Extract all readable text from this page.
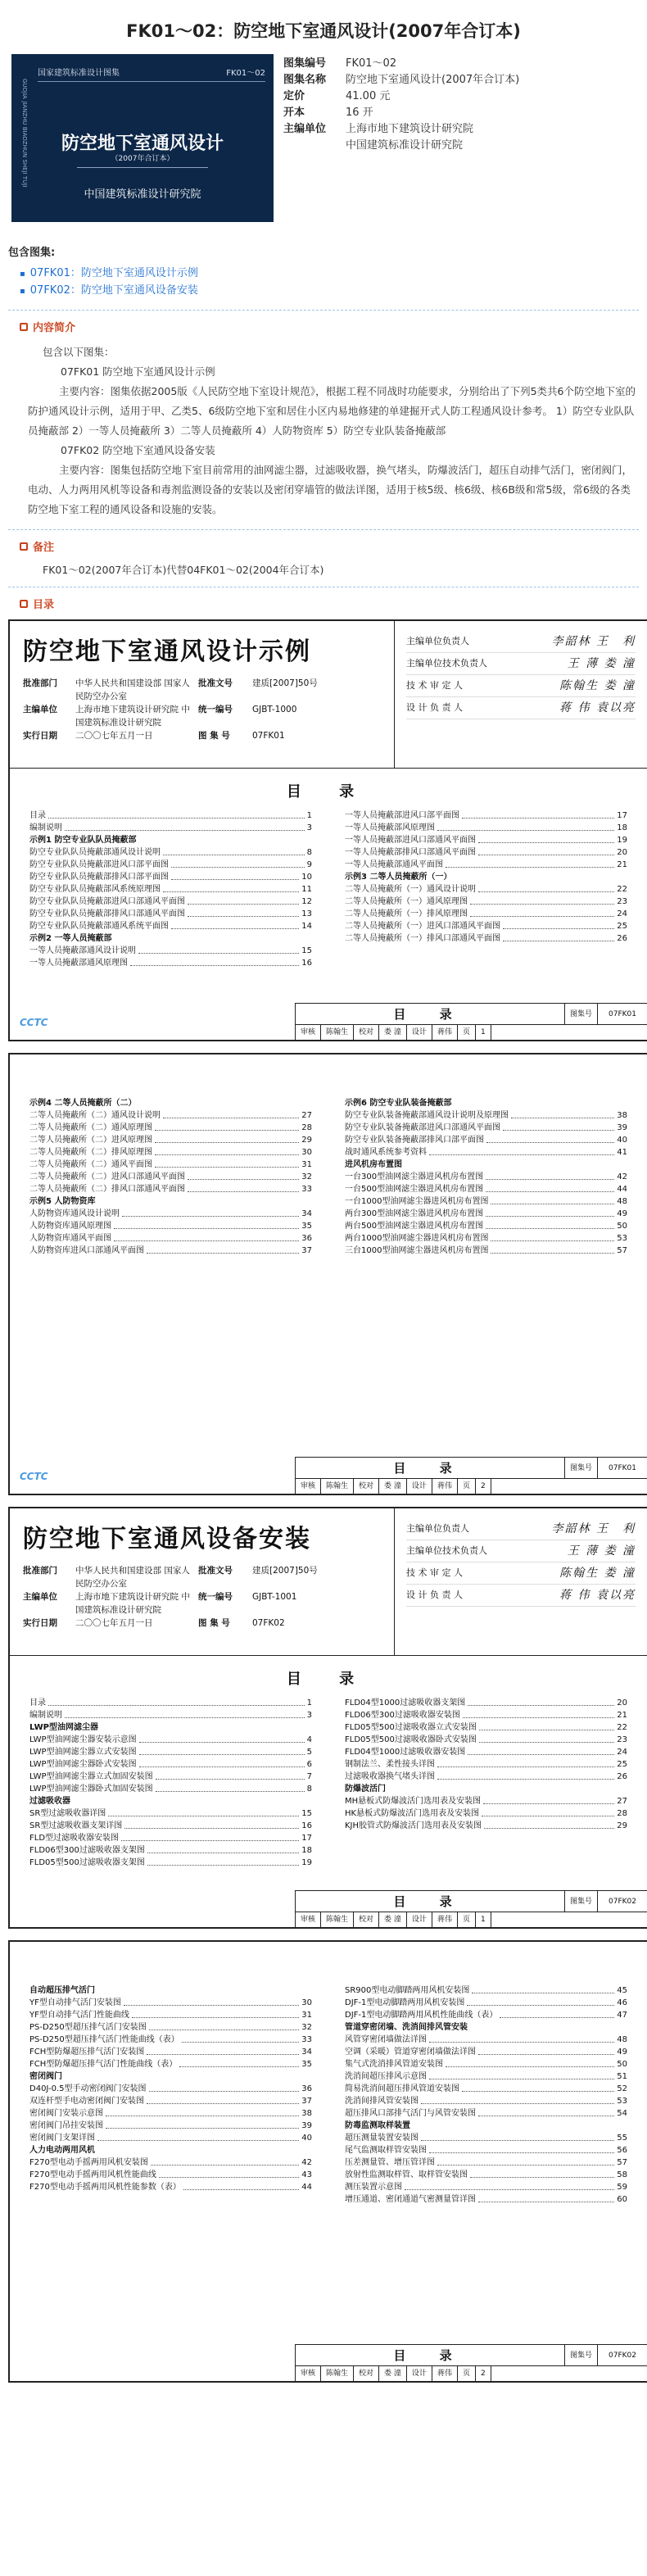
FK01～02：防空地下室通风设计(2007年合订本)
国家建筑标准设计图集	FK01～02
GUOJIA JIANZHU BIAOZHUN SHEJI TUJI	防空地下室通风设计
（2007年合订本）
中国建筑标准设计研究院
图集编号	FK01～02
图集名称	防空地下室通风设计(2007年合订本)
定价	41.00 元
开本	16 开
主编单位	上海市地下建筑设计研究院
中国建筑标准设计研究院
包含图集:
▪ 07FK01：防空地下室通风设计示例
▪ 07FK02：防空地下室通风设备安装
内容简介

包含以下图集：

07FK01 防空地下室通风设计示例

主要内容：图集依据2005版《人民防空地下室设计规范》，根据工程不同战时功能要求，分别给出了下列5类共6个防空地下室的防护通风设计示例，适用于甲、乙类5、6级防空地下室和居住小区内易地修建的单建掘开式人防工程通风设计参考。 1）防空专业队队员掩蔽部 2）一等人员掩蔽所 3）二等人员掩蔽所 4）人防物资库 5）防空专业队装备掩蔽部

07FK02 防空地下室通风设备安装

主要内容：图集包括防空地下室目前常用的油网滤尘器，过滤吸收器，换气堵头，防爆波活门，超压自动排气活门，密闭阀门，电动、人力两用风机等设备和毒剂监测设备的安装以及密闭穿墙管的做法详图，适用于核5级、核6级、核6B级和常5级，常6级的各类防空地下室工程的通风设备和设施的安装。

备注
FK01～02(2007年合订本)代替04FK01～02(2004年合订本)
目录
防空地下室通风设计示例
批准部门	中华人民共和国建设部 国家人民防空办公室
批准文号	建质[2007]50号
主编单位	上海市地下建筑设计研究院 中国建筑标准设计研究院
统一编号	GJBT-1000
实行日期	二〇〇七年五月一日	图 集 号	07FK01
主编单位负责人	李韶林 王　利
主编单位技术负责人	王 薄 娄 潼
技 术 审 定 人	陈翰生 娄 潼
设 计 负 责 人	蒋 伟 袁以亮
目 录
目录	1
编制说明	3
示例1 防空专业队队员掩蔽部
防空专业队队员掩蔽部通风设计说明	8
防空专业队队员掩蔽部进风口部平面图	9
防空专业队队员掩蔽部排风口部平面图	10
防空专业队队员掩蔽部风系统原理图	11
防空专业队队员掩蔽部进风口部通风平面图	12
防空专业队队员掩蔽部排风口部通风平面图	13
防空专业队队员掩蔽部通风系统平面图	14
示例2 一等人员掩蔽部
一等人员掩蔽部通风设计说明	15
一等人员掩蔽部通风原理图	16
一等人员掩蔽部进风口部平面图	17
一等人员掩蔽部风原理图	18
一等人员掩蔽部进风口部通风平面图	19
一等人员掩蔽部排风口部通风平面图	20
一等人员掩蔽部通风平面图	21
示例3 二等人员掩蔽所（一）
二等人员掩蔽所（一）通风设计说明	22
二等人员掩蔽所（一）通风原理图	23
二等人员掩蔽所（一）排风原理图	24
二等人员掩蔽所（一）进风口部通风平面图	25
二等人员掩蔽所（一）排风口部通风平面图	26
CCTC
目 录	图集号	07FK01
审核	陈翰生	校对	娄 潼	设计	蒋伟	页	1
示例4 二等人员掩蔽所（二）
二等人员掩蔽所（二）通风设计说明	27
二等人员掩蔽所（二）通风原理图	28
二等人员掩蔽所（二）进风原理图	29
二等人员掩蔽所（二）排风原理图	30
二等人员掩蔽所（二）通风平面图	31
二等人员掩蔽所（二）进风口部通风平面图	32
二等人员掩蔽所（二）排风口部通风平面图	33
示例5 人防物资库
人防物资库通风设计说明	34
人防物资库通风原理图	35
人防物资库通风平面图	36
人防物资库进风口部通风平面图	37
示例6 防空专业队装备掩蔽部
防空专业队装备掩蔽部通风设计说明及原理图	38
防空专业队装备掩蔽部进风口部通风平面图	39
防空专业队装备掩蔽部排风口部平面图	40
战时通风系统参考资料	41
进风机房布置图
一台300型油网滤尘器进风机房布置图	42
一台500型油网滤尘器进风机房布置图	44
一台1000型油网滤尘器进风机房布置图	48
两台300型油网滤尘器进风机房布置图	49
两台500型油网滤尘器进风机房布置图	50
两台1000型油网滤尘器进风机房布置图	53
三台1000型油网滤尘器进风机房布置图	57
CCTC
目 录	图集号	07FK01
审核	陈翰生	校对	娄 潼	设计	蒋伟	页	2
防空地下室通风设备安装
批准部门	中华人民共和国建设部 国家人民防空办公室
批准文号	建质[2007]50号
主编单位	上海市地下建筑设计研究院 中国建筑标准设计研究院
统一编号	GJBT-1001
实行日期	二〇〇七年五月一日	图 集 号	07FK02
主编单位负责人	李韶林 王　利
主编单位技术负责人	王 薄 娄 潼
技 术 审 定 人	陈翰生 娄 潼
设 计 负 责 人	蒋 伟 袁以亮
目 录
目录	1
编制说明	3
LWP型油网滤尘器
LWP型油网滤尘器安装示意图	4
LWP型油网滤尘器立式安装图	5
LWP型油网滤尘器卧式安装图	6
LWP型油网滤尘器立式加固安装图	7
LWP型油网滤尘器卧式加固安装图	8
过滤吸收器
SR型过滤吸收器详图	15
SR型过滤吸收器支架详图	16
FLD型过滤吸收器安装图	17
FLD06型300过滤吸收器支架图	18
FLD05型500过滤吸收器支架图	19
FLD04型1000过滤吸收器支架图	20
FLD06型300过滤吸收器安装图	21
FLD05型500过滤吸收器立式安装图	22
FLD05型500过滤吸收器卧式安装图	23
FLD04型1000过滤吸收器安装图	24
钢制法兰、柔性接头详图	25
过滤吸收器换气堵头详图	26
防爆波活门
MH悬板式防爆波活门选用表及安装图	27
HK悬板式防爆波活门选用表及安装图	28
KJH胶管式防爆波活门选用表及安装图	29
目 录	图集号	07FK02
审核	陈翰生	校对	娄 潼	设计	蒋伟	页	1
自动超压排气活门
YF型自动排气活门安装图	30
YF型自动排气活门性能曲线	31
PS-D250型超压排气活门安装图	32
PS-D250型超压排气活门性能曲线（表）	33
FCH型防爆超压排气活门安装图	34
FCH型防爆超压排气活门性能曲线（表）	35
密闭阀门
D40J-0.5型手动密闭阀门安装图	36
双连杆型手电动密闭阀门安装图	37
密闭阀门安装示意图	38
密闭阀门吊挂安装图	39
密闭阀门支架详图	40
人力电动两用风机
F270型电动手摇两用风机安装图	42
F270型电动手摇两用风机性能曲线	43
F270型电动手摇两用风机性能参数（表）	44
SR900型电动脚踏两用风机安装图	45
DJF-1型电动脚踏两用风机安装图	46
DJF-1型电动脚踏两用风机性能曲线（表）	47
管道穿密闭墙、洗消间排风管安装
风管穿密闭墙做法详图	48
空调（采暖）管道穿密闭墙做法详图	49
集气式洗消排风管道安装图	50
洗消间超压排风示意图	51
简易洗消间超压排风管道安装图	52
洗消间排风管安装图	53
超压排风口部排气活门与风管安装图	54
防毒监测取样装置
超压测量装置安装图	55
尾气监测取样管安装图	56
压差测量管、增压管详图	57
放射性监测取样管、取样管安装图	58
测压装置示意图	59
增压通道、密闭通道气密测量管详图	60
目 录	图集号	07FK02
审核	陈翰生	校对	娄 潼	设计	蒋伟	页	2
